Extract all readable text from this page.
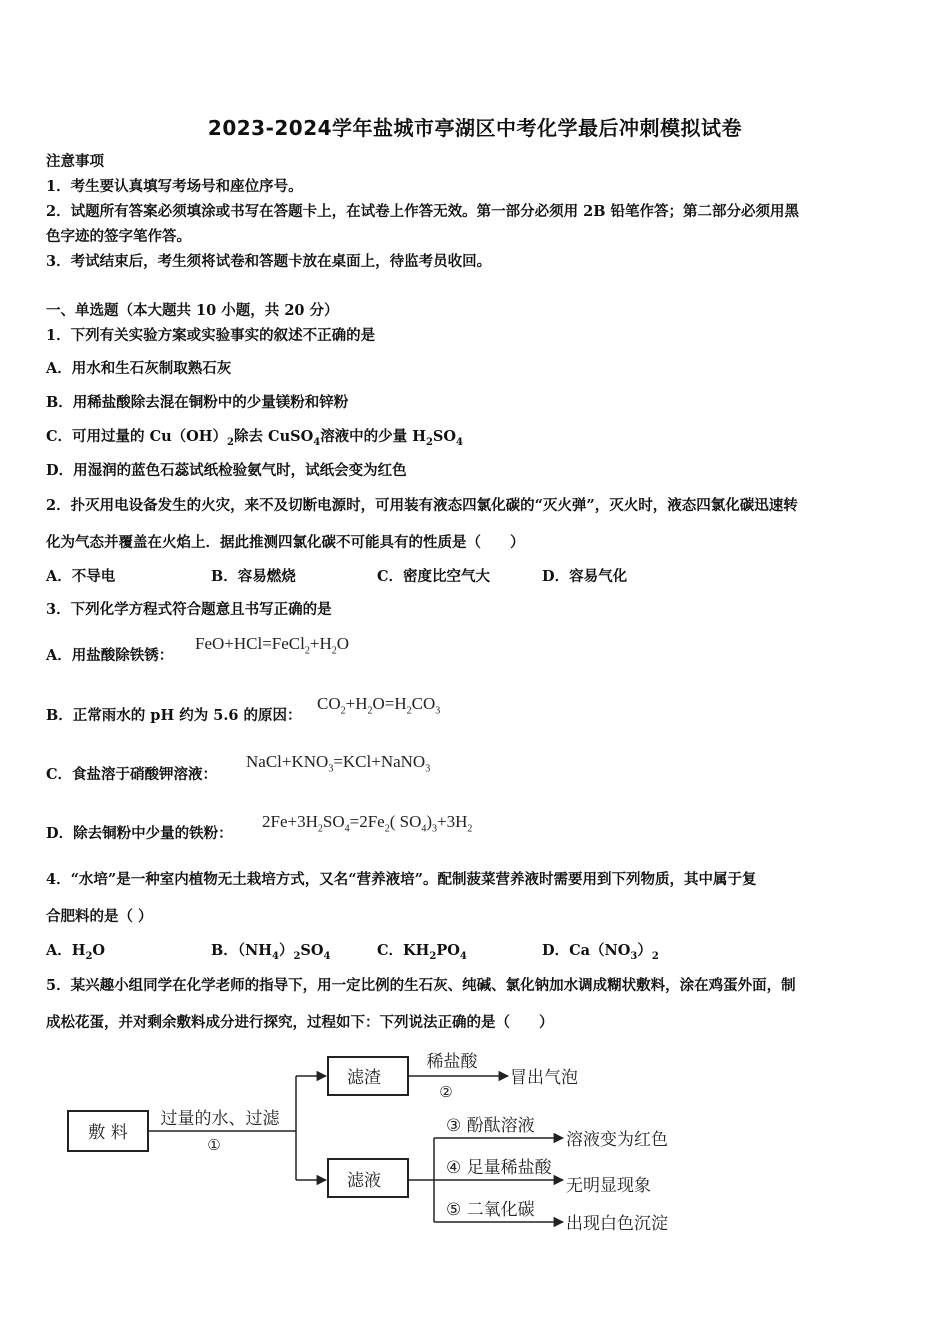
2023-2024学年盐城市亭湖区中考化学最后冲刺模拟试卷
注意事项
1．考生要认真填写考场号和座位序号。
2．试题所有答案必须填涂或书写在答题卡上，在试卷上作答无效。第一部分必须用 2B 铅笔作答；第二部分必须用黑
色字迹的签字笔作答。
3．考试结束后，考生须将试卷和答题卡放在桌面上，待监考员收回。
一、单选题（本大题共 10 小题，共 20 分）
1．下列有关实验方案或实验事实的叙述不正确的是
A．用水和生石灰制取熟石灰
B．用稀盐酸除去混在铜粉中的少量镁粉和锌粉
C．可用过量的 $Cu(OH)_2$除去 CuSO$_4$溶液中的少量 $H_2SO_4$
D．用湿润的蓝色石蕊试纸检验氨气时，试纸会变为红色
2．扑灭用电设备发生的火灾，来不及切断电源时，可用装有液态四氯化碳的“灭火弹”，灭火时，液态四氯化碳迅速转
化为气态并覆盖在火焰上．据此推测四氯化碳不可能具有的性质是（　　）
A．不导电	B．容易燃烧	C．密度比空气大	D．容易气化
3．下列化学方程式符合题意且书写正确的是
A．用盐酸除铁锈：
$FeO+HCl=FeCl_2+H_2O$
B．正常雨水的 pH 约为 5.6 的原因：
$CO_2+H_2O=H_2CO_3$
C．食盐溶于硝酸钾溶液：
$NaCl+KNO_3=KCl+NaNO_3$
D．除去铜粉中少量的铁粉：
$2Fe+3H_2SO_4=2Fe_2$( $SO_4)_3+3H_2$
4．“水培”是一种室内植物无土栽培方式，又名“营养液培”。配制菠菜营养液时需要用到下列物质，其中属于复
合肥料的是（ ）
A．$H_2O$	B．$(NH_4)_2SO_4$	C．$KH_2PO_4$	D．$Ca(NO_3)_2$
5．某兴趣小组同学在化学老师的指导下，用一定比例的生石灰、纯碱、氯化钠加水调成糊状敷料，涂在鸡蛋外面，制
成松花蛋，并对剩余敷料成分进行探究，过程如下：下列说法正确的是（　　）
敷 料
过量的水、过滤
①
滤渣
稀盐酸
②
冒出气泡
滤液
③ 酚酞溶液
溶液变为红色
④ 足量稀盐酸
无明显现象
⑤ 二氧化碳
出现白色沉淀
